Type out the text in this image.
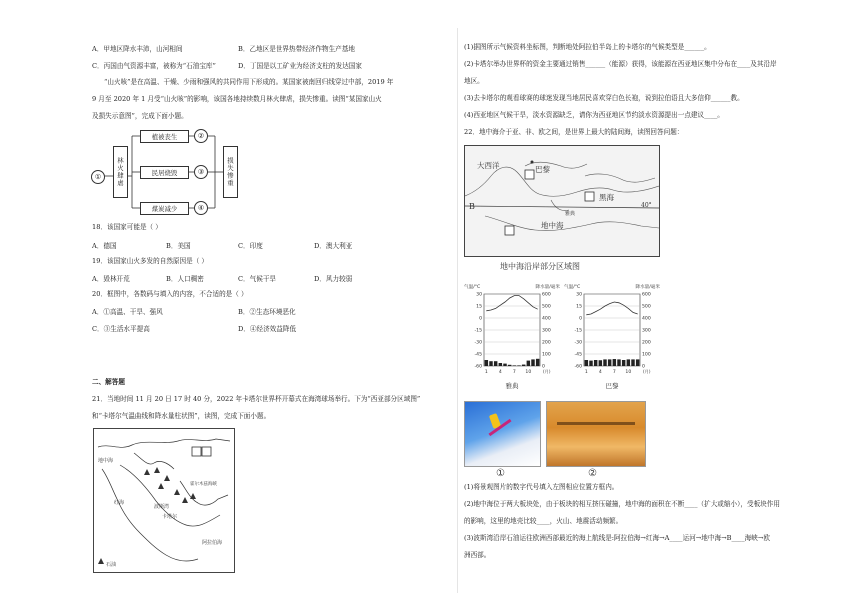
A．甲地区降水丰沛，山河相间	B．乙地区是世界热带经济作物生产基地
C．丙国由气资源丰富，被称为“石油宝库”	D．丁国是以工矿业为经济支柱的发达国家
“山火咳”是在高温、干燥、少雨和强风的共同作用下形成的。某国家被南回归线穿过中部，2019 年
9 月至 2020 年 1 月受“山火咳”的影响，该国各地持续数月林火肆虐，损失惨重。读图“某国家山火
及损失示意图”，完成下面小题。
①	林火肆虐
植被丧生
民居烧毁
煤炭减少
②
③
④
损失惨重
18．该国家可能是（ ）
A．德国	B．美国	C．印度	D．澳大利亚
19．该国家山火多发的自然原因是（ ）
A．毁林开荒	B．人口稠密	C．气候干旱	D．风力较弱
20．框图中，各数码与填入的内容，不合适的是（ ）
A．①高温、干旱、强风	B．②生态环境恶化
C．③生活水平提高	D．④经济效益降低
二、解答题
21．当地时间 11 月 20 日 17 时 40 分，2022 年卡塔尔世界杯开幕式在海湾球场举行。下为“西亚部分区域图”
和“卡塔尔气温曲线和降水量柱状图”，读图，完成下面小题。
地中海
红海
波斯湾
卡塔尔
阿拉伯海
霍尔木兹海峡
石油
(1)据图所示气候资料坐标图，判断地处阿拉伯半岛上的卡塔尔的气候类型是______。
(2)卡塔尔举办世界杯的资金主要通过销售______（能源）获得，该能源在西亚地区集中分布在____及其沿岸
地区。
(3)去卡塔尔的观看球赛的球迷发现当地居民喜欢穿白色长袍，说到拉伯语且大多信仰______教。
(4)西亚地区气候干旱，淡水资源缺乏，请你为西亚地区节约淡水资源提出一点建议____。
22．地中海介于亚、非、欧之间，是世界上最大的陆间海，读图回答问题：
大西洋	巴黎
黑海
地中海
雅典
B	40°
地中海沿岸部分区域图
气温/°C	降水量/毫米
30	600
15	500
0	400
-15	300
-30	200
-45	100
-60	0
1 4 7 10	(月)
雅典
气温/°C	降水量/毫米
30	600
15	500
0	400
-15	300
-30	200
-45	100
-60	0
1 4 7 10	(月)
巴黎
①	②
(1)将景观图片的数字代号填入左图相应位置方框内。
(2)地中海位于两大板块处，由于板块的相互挤压碰撞，地中海的面积在不断____（扩大或缩小），受板块作用
的影响，这里的地壳比较____，火山、地震活动频繁。
(3)波斯湾沿岸石油运往欧洲西部最近的海上航线是:阿拉伯海→红海→A____运河→地中海→B____海峡→欧
洲西部。
